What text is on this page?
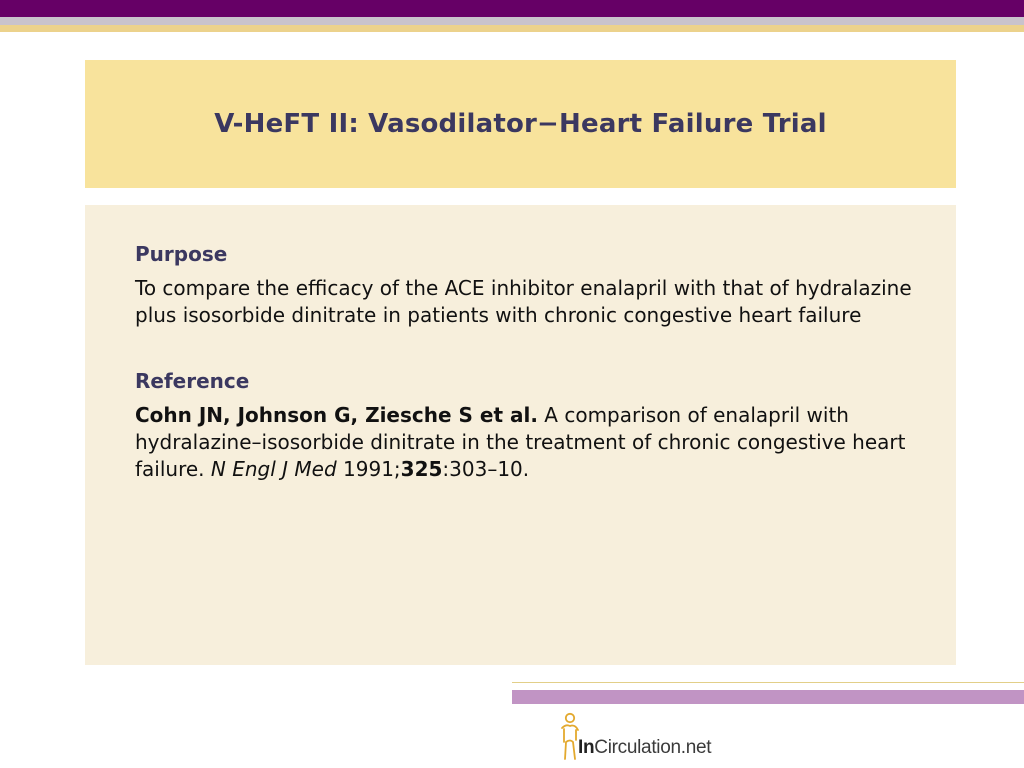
V-HeFT II: Vasodilator−Heart Failure Trial
Purpose

To compare the efficacy of the ACE inhibitor enalapril with that of hydralazine plus isosorbide dinitrate in patients with chronic congestive heart failure

Reference

Cohn JN, Johnson G, Ziesche S et al. A comparison of enalapril with hydralazine–isosorbide dinitrate in the treatment of chronic congestive heart failure. N Engl J Med 1991;325:303–10.

InCirculation.net
